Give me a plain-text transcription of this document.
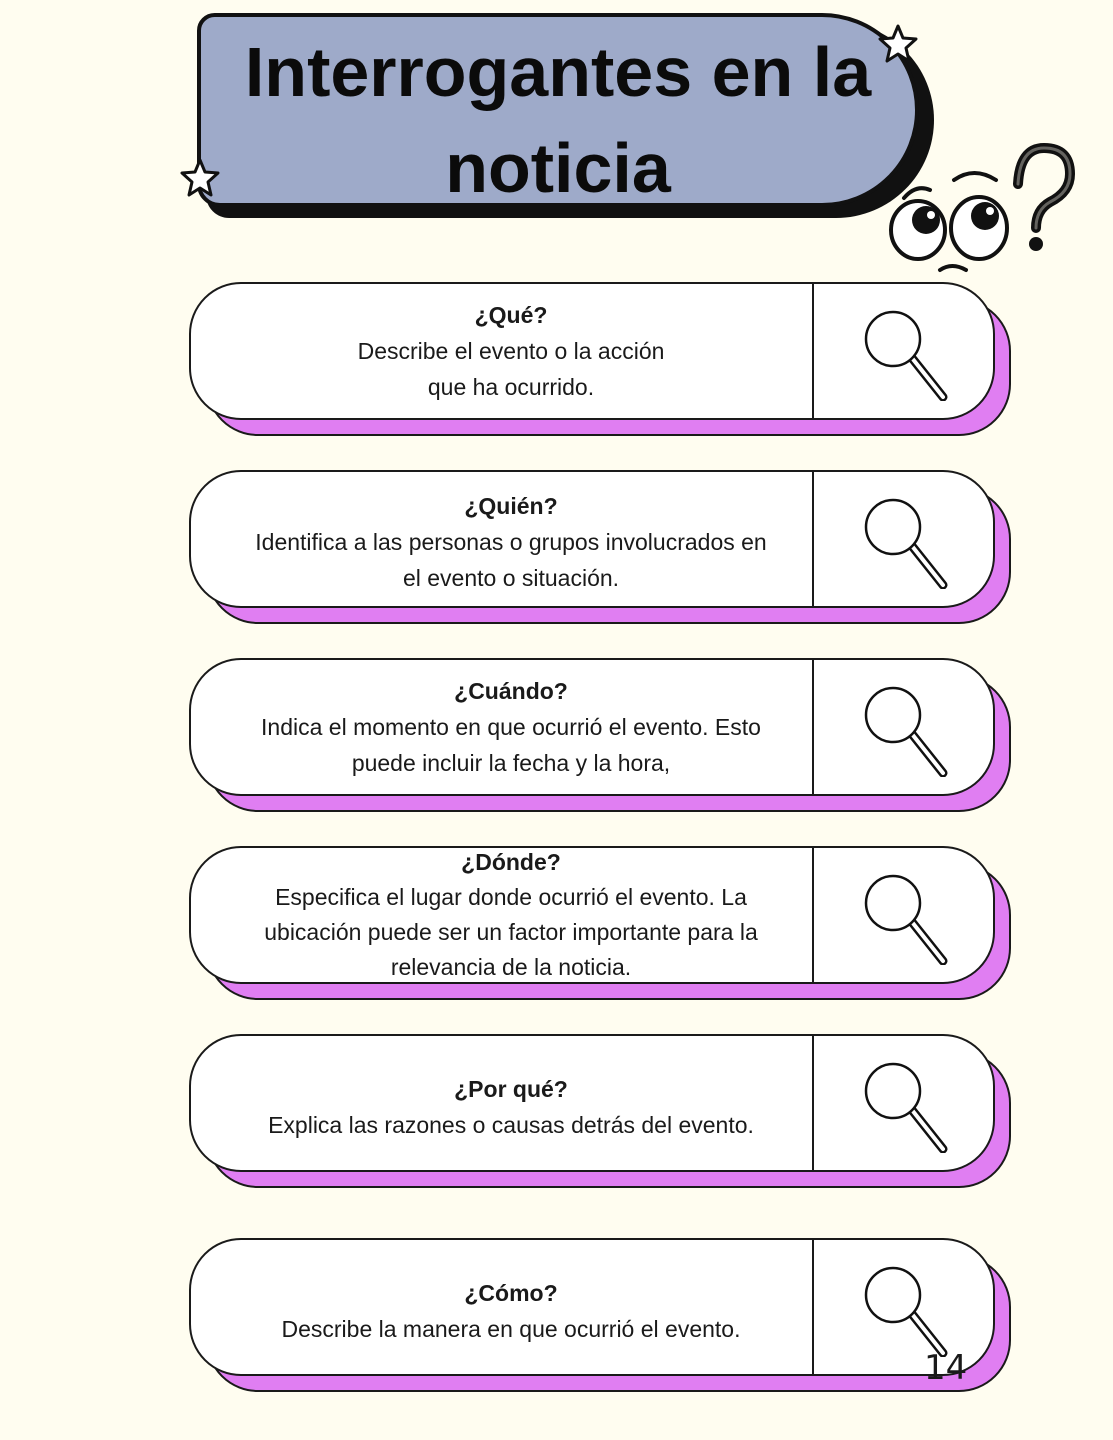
Interrogantes en la
noticia
¿Qué?
Describe el evento o la acción
que ha ocurrido.
¿Quién?
Identifica a las personas o grupos involucrados en
el evento o situación.
¿Cuándo?
Indica el momento en que ocurrió el evento. Esto
puede incluir la fecha y la hora,
¿Dónde?
Especifica el lugar donde ocurrió el evento. La
ubicación puede ser un factor importante para la
relevancia de la noticia.
¿Por qué?
Explica las razones o causas detrás del evento.
¿Cómo?
Describe la manera en que ocurrió el evento.
14
